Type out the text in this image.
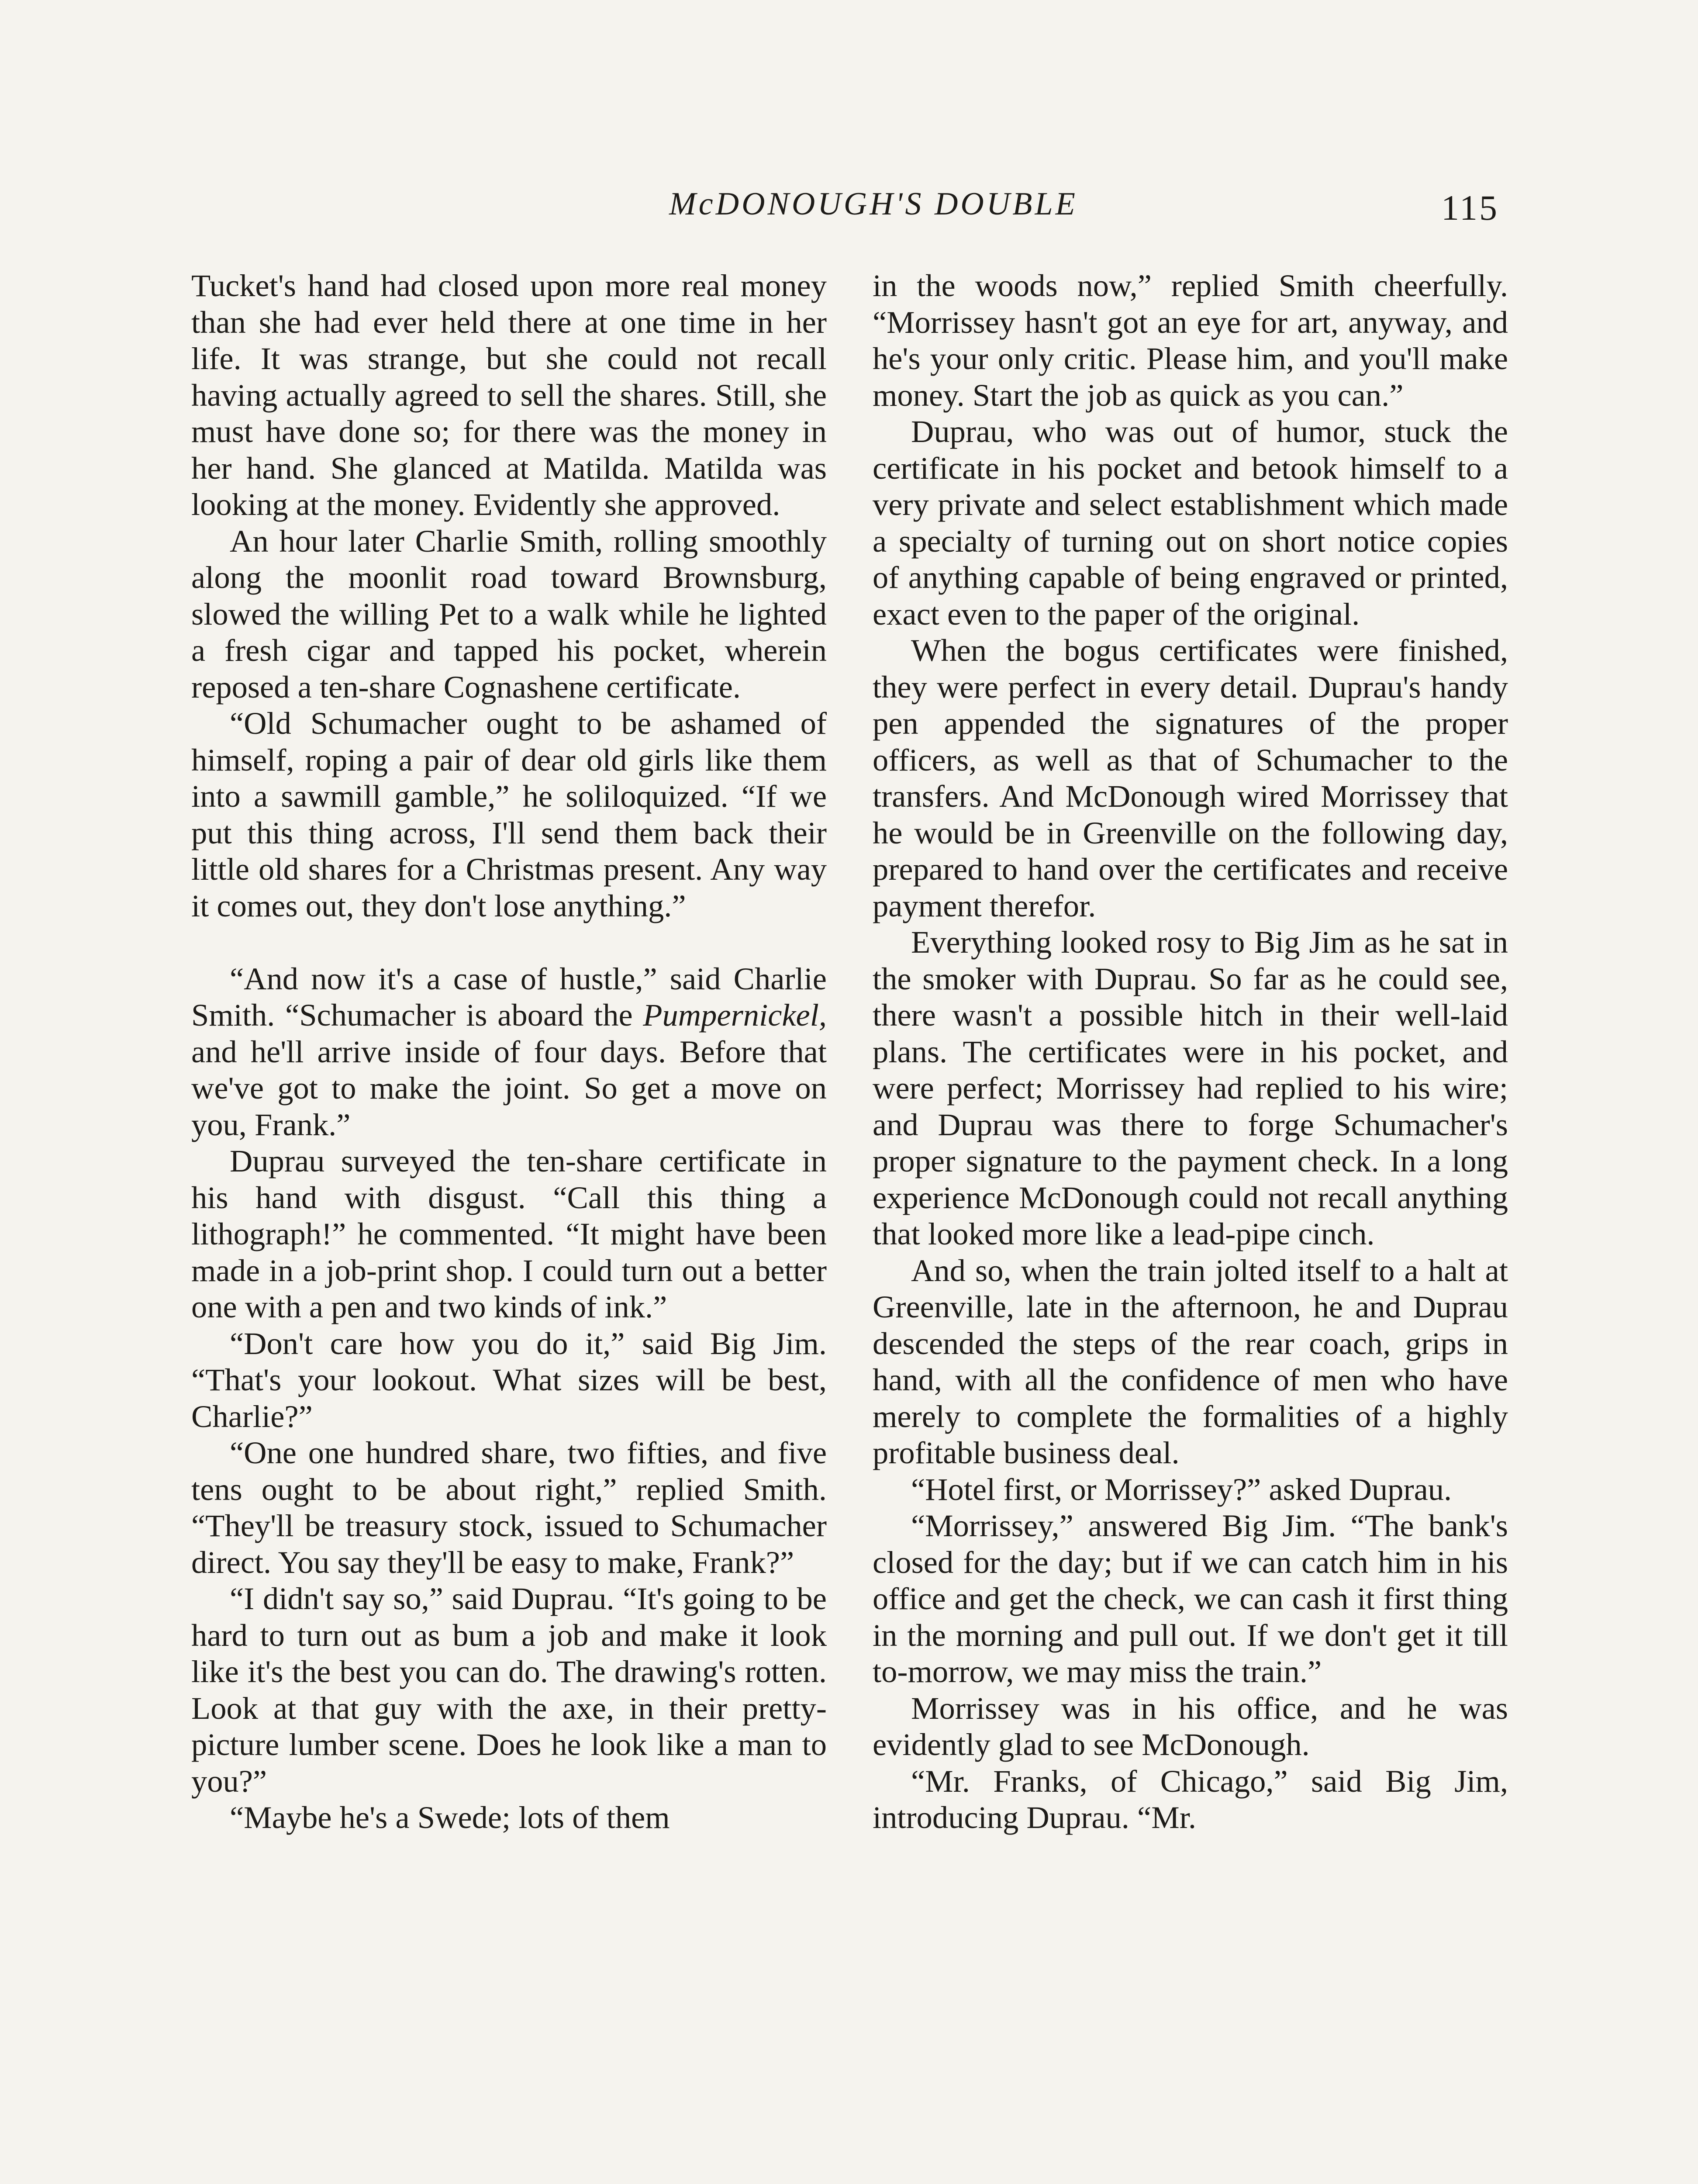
McDONOUGH'S DOUBLE	115

Tucket's hand had closed upon more real money than she had ever held there at one time in her life. It was strange, but she could not recall having actually agreed to sell the shares. Still, she must have done so; for there was the money in her hand. She glanced at Matilda. Matilda was looking at the money. Evidently she approved.

An hour later Charlie Smith, rolling smoothly along the moonlit road toward Brownsburg, slowed the willing Pet to a walk while he lighted a fresh cigar and tapped his pocket, wherein reposed a ten-share Cognashene certificate.

“Old Schumacher ought to be ashamed of himself, roping a pair of dear old girls like them into a sawmill gamble,” he soliloquized. “If we put this thing across, I'll send them back their little old shares for a Christmas present. Any way it comes out, they don't lose anything.”

“And now it's a case of hustle,” said Charlie Smith. “Schumacher is aboard the Pumpernickel, and he'll arrive inside of four days. Before that we've got to make the joint. So get a move on you, Frank.”

Duprau surveyed the ten-share certificate in his hand with disgust. “Call this thing a lithograph!” he commented. “It might have been made in a job-print shop. I could turn out a better one with a pen and two kinds of ink.”

“Don't care how you do it,” said Big Jim. “That's your lookout. What sizes will be best, Charlie?”

“One one hundred share, two fifties, and five tens ought to be about right,” replied Smith. “They'll be treasury stock, issued to Schumacher direct. You say they'll be easy to make, Frank?”

“I didn't say so,” said Duprau. “It's going to be hard to turn out as bum a job and make it look like it's the best you can do. The drawing's rotten. Look at that guy with the axe, in their pretty-picture lumber scene. Does he look like a man to you?”

“Maybe he's a Swede; lots of them

in the woods now,” replied Smith cheerfully. “Morrissey hasn't got an eye for art, anyway, and he's your only critic. Please him, and you'll make money. Start the job as quick as you can.”

Duprau, who was out of humor, stuck the certificate in his pocket and betook himself to a very private and select establishment which made a specialty of turning out on short notice copies of anything capable of being engraved or printed, exact even to the paper of the original.

When the bogus certificates were finished, they were perfect in every detail. Duprau's handy pen appended the signatures of the proper officers, as well as that of Schumacher to the transfers. And McDonough wired Morrissey that he would be in Greenville on the following day, prepared to hand over the certificates and receive payment therefor.

Everything looked rosy to Big Jim as he sat in the smoker with Duprau. So far as he could see, there wasn't a possible hitch in their well-laid plans. The certificates were in his pocket, and were perfect; Morrissey had replied to his wire; and Duprau was there to forge Schumacher's proper signature to the payment check. In a long experience McDonough could not recall anything that looked more like a lead-pipe cinch.

And so, when the train jolted itself to a halt at Greenville, late in the afternoon, he and Duprau descended the steps of the rear coach, grips in hand, with all the confidence of men who have merely to complete the formalities of a highly profitable business deal.

“Hotel first, or Morrissey?” asked Duprau.

“Morrissey,” answered Big Jim. “The bank's closed for the day; but if we can catch him in his office and get the check, we can cash it first thing in the morning and pull out. If we don't get it till to-morrow, we may miss the train.”

Morrissey was in his office, and he was evidently glad to see McDonough.

“Mr. Franks, of Chicago,” said Big Jim, introducing Duprau. “Mr.
